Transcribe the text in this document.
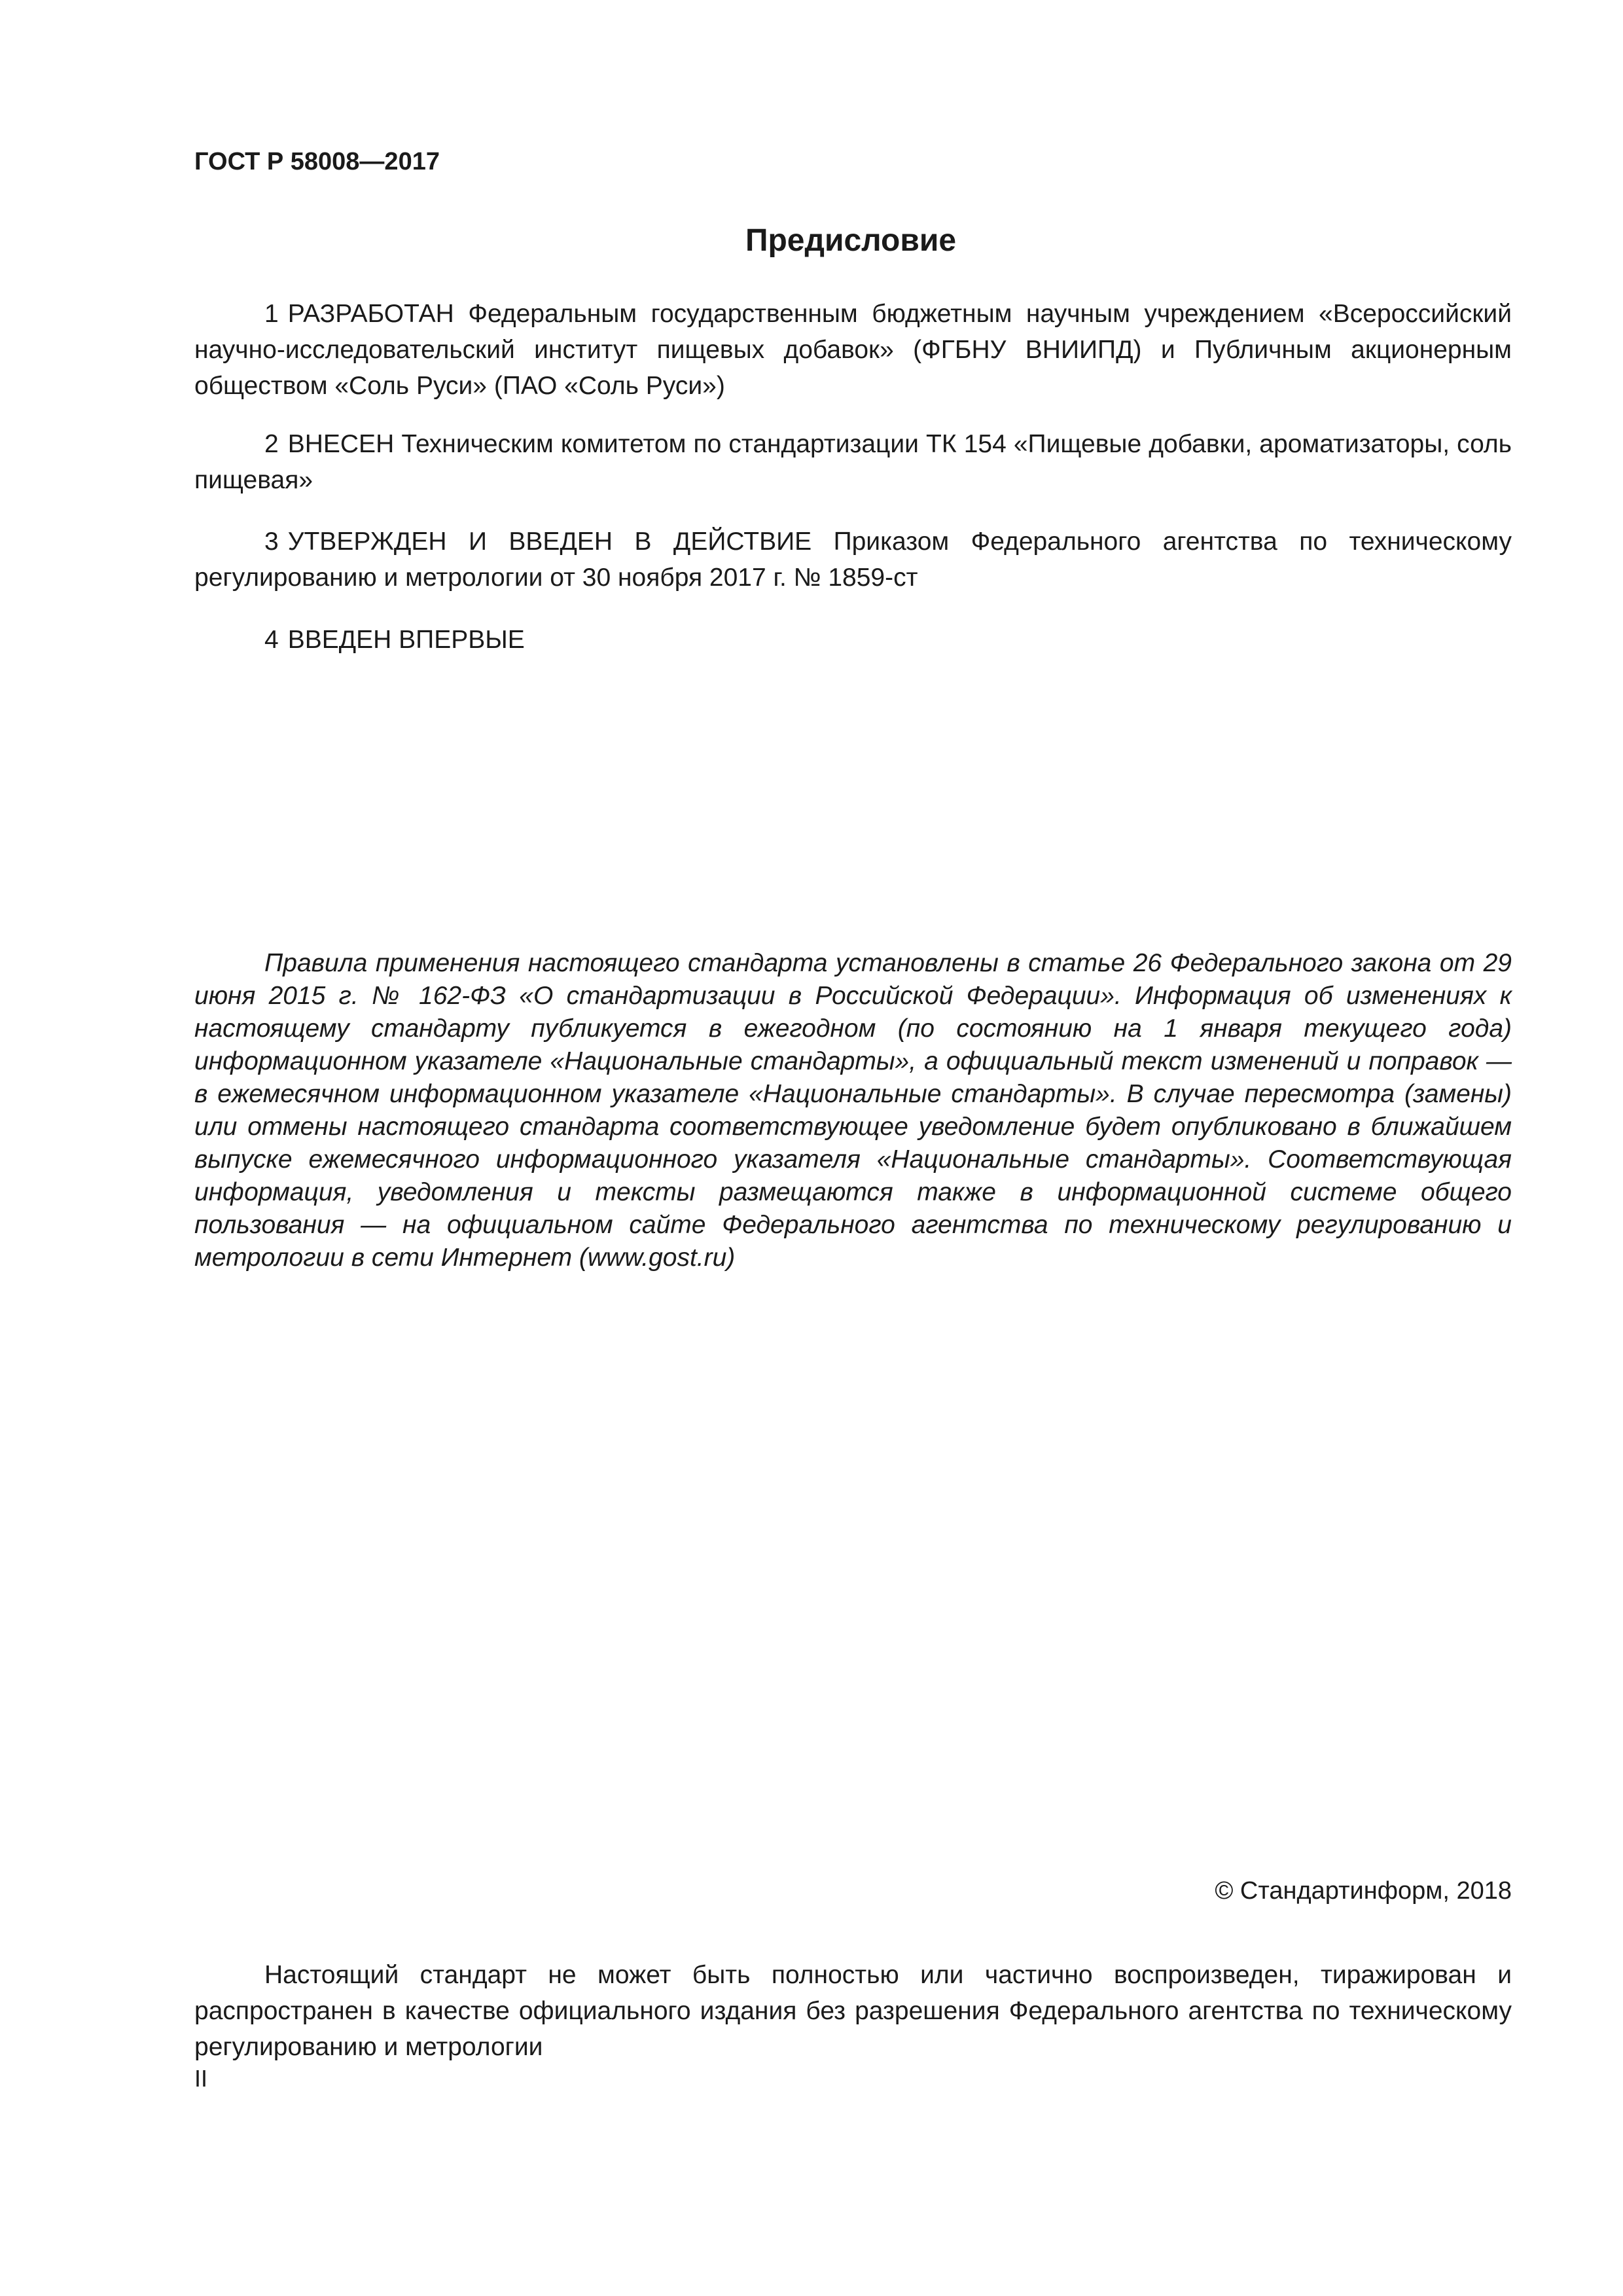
ГОСТ Р 58008—2017
Предисловие
1 РАЗРАБОТАН Федеральным государственным бюджетным научным учреждением «Всероссийский научно-исследовательский институт пищевых добавок» (ФГБНУ ВНИИПД) и Публичным акционерным обществом «Соль Руси» (ПАО «Соль Руси»)
2 ВНЕСЕН Техническим комитетом по стандартизации ТК 154 «Пищевые добавки, ароматизаторы, соль пищевая»
3 УТВЕРЖДЕН И ВВЕДЕН В ДЕЙСТВИЕ Приказом Федерального агентства по техническому регулированию и метрологии от 30 ноября 2017 г. № 1859-ст
4 ВВЕДЕН ВПЕРВЫЕ
Правила применения настоящего стандарта установлены в статье 26 Федерального закона от 29 июня 2015 г. № 162-ФЗ «О стандартизации в Российской Федерации». Информация об изменениях к настоящему стандарту публикуется в ежегодном (по состоянию на 1 января текущего года) информационном указателе «Национальные стандарты», а официальный текст изменений и поправок — в ежемесячном информационном указателе «Национальные стандарты». В случае пересмотра (замены) или отмены настоящего стандарта соответствующее уведомление будет опубликовано в ближайшем выпуске ежемесячного информационного указателя «Национальные стандарты». Соответствующая информация, уведомления и тексты размещаются также в информационной системе общего пользования — на официальном сайте Федерального агентства по техническому регулированию и метрологии в сети Интернет (www.gost.ru)
© Стандартинформ, 2018
Настоящий стандарт не может быть полностью или частично воспроизведен, тиражирован и распространен в качестве официального издания без разрешения Федерального агентства по техническому регулированию и метрологии
II
